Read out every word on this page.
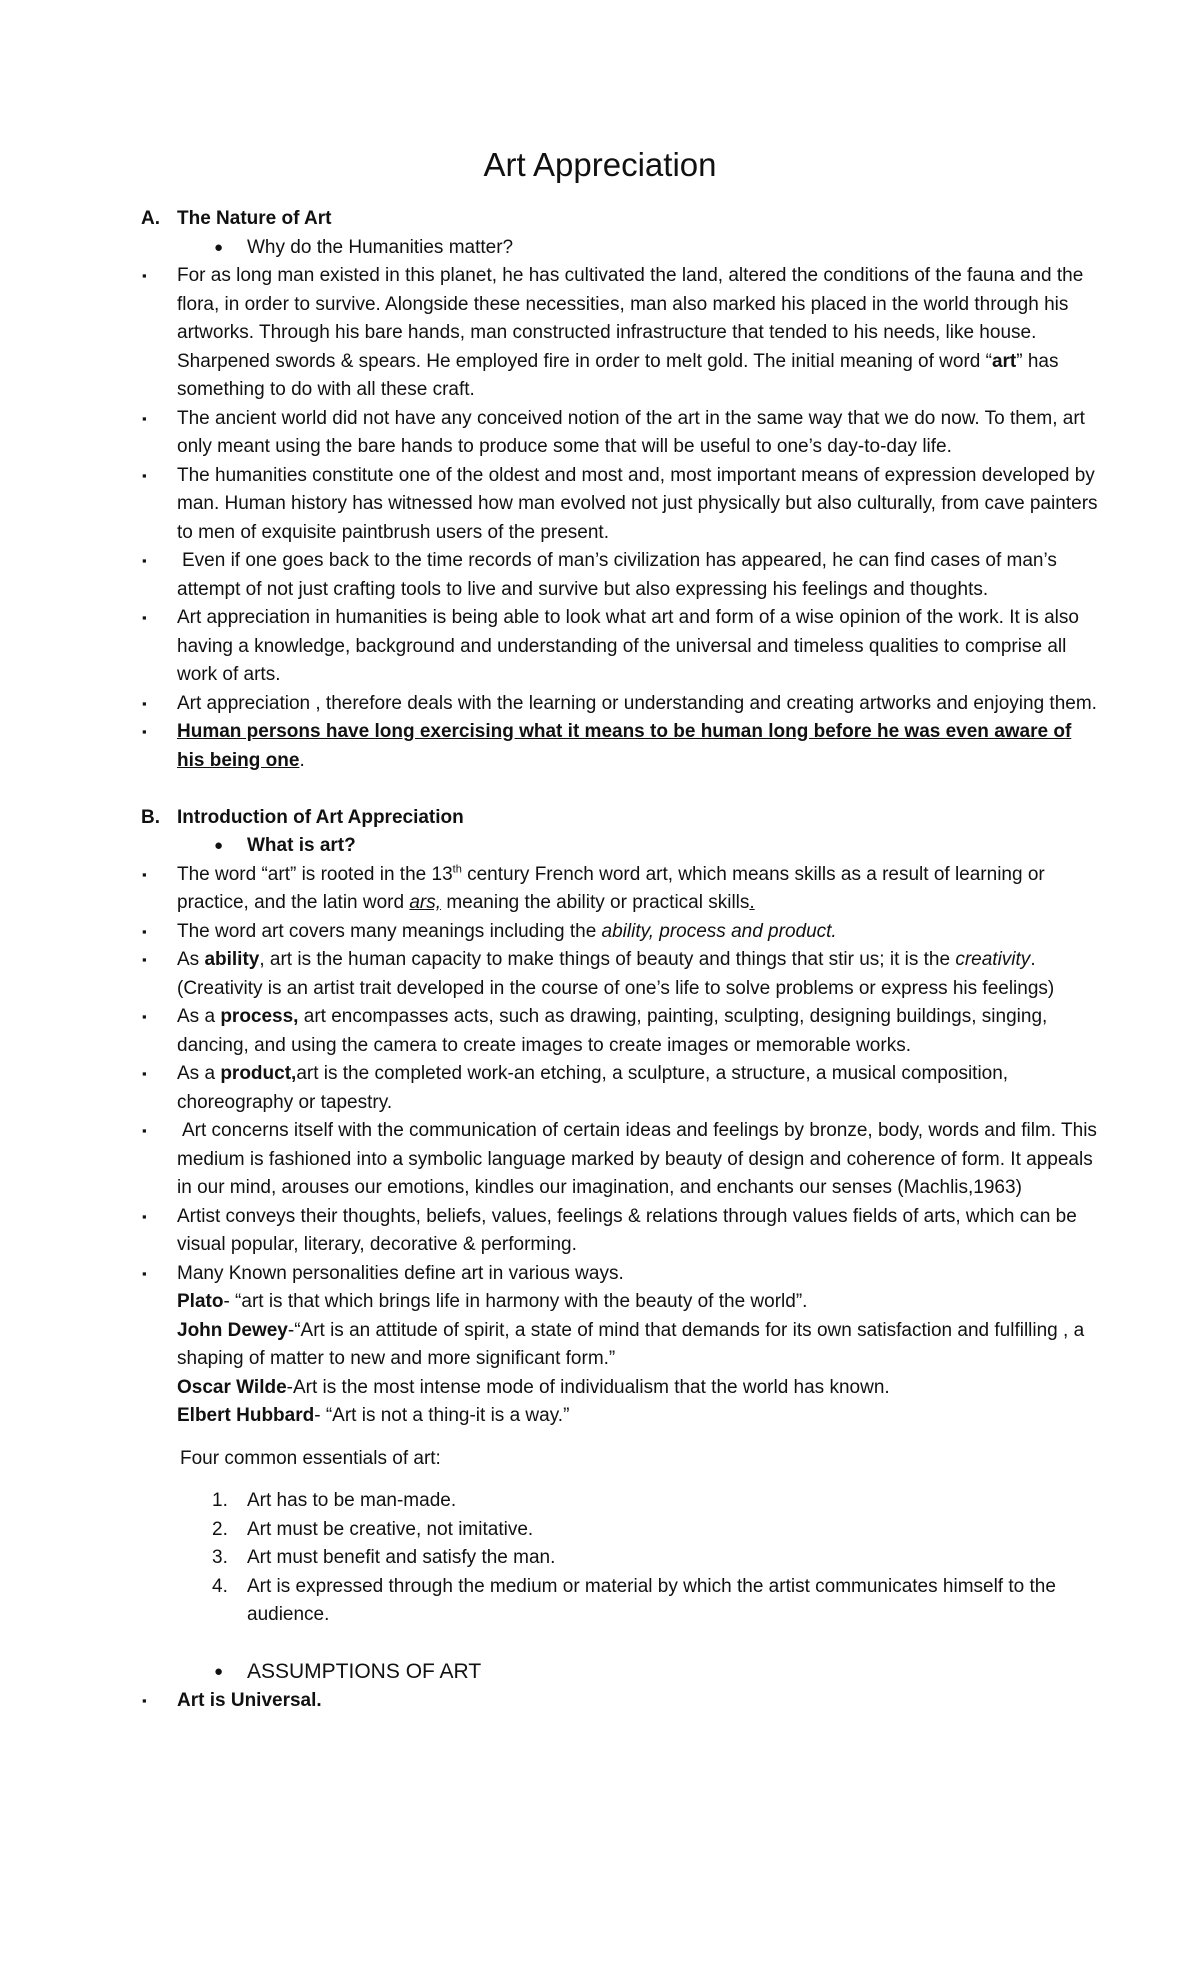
Art Appreciation
A. The Nature of Art
● Why do the Humanities matter?
▪ For as long man existed in this planet, he has cultivated the land, altered the conditions of the fauna and the flora, in order to survive. Alongside these necessities, man also marked his placed in the world through his artworks. Through his bare hands, man constructed infrastructure that tended to his needs, like house. Sharpened swords & spears. He employed fire in order to melt gold. The initial meaning of word “art” has something to do with all these craft.
▪ The ancient world did not have any conceived notion of the art in the same way that we do now. To them, art only meant using the bare hands to produce some that will be useful to one’s day-to-day life.
▪ The humanities constitute one of the oldest and most and, most important means of expression developed by man. Human history has witnessed how man evolved not just physically but also culturally, from cave painters to men of exquisite paintbrush users of the present.
▪ Even if one goes back to the time records of man’s civilization has appeared, he can find cases of man’s attempt of not just crafting tools to live and survive but also expressing his feelings and thoughts.
▪ Art appreciation in humanities is being able to look what art and form of a wise opinion of the work. It is also having a knowledge, background and understanding of the universal and timeless qualities to comprise all work of arts.
▪ Art appreciation , therefore deals with the learning or understanding and creating artworks and enjoying them.
▪ Human persons have long exercising what it means to be human long before he was even aware of his being one.
B. Introduction of Art Appreciation
● What is art?
▪ The word “art” is rooted in the 13th century French word art, which means skills as a result of learning or practice, and the latin word ars, meaning the ability or practical skills.
▪ The word art covers many meanings including the ability, process and product.
▪ As ability, art is the human capacity to make things of beauty and things that stir us; it is the creativity. (Creativity is an artist trait developed in the course of one’s life to solve problems or express his feelings)
▪ As a process, art encompasses acts, such as drawing, painting, sculpting, designing buildings, singing, dancing, and using the camera to create images to create images or memorable works.
▪ As a product,art is the completed work-an etching, a sculpture, a structure, a musical composition, choreography or tapestry.
▪ Art concerns itself with the communication of certain ideas and feelings by bronze, body, words and film. This medium is fashioned into a symbolic language marked by beauty of design and coherence of form. It appeals in our mind, arouses our emotions, kindles our imagination, and enchants our senses (Machlis,1963)
▪ Artist conveys their thoughts, beliefs, values, feelings & relations through values fields of arts, which can be visual popular, literary, decorative & performing.
▪ Many Known personalities define art in various ways.
Plato- “art is that which brings life in harmony with the beauty of the world”.
John Dewey-“Art is an attitude of spirit, a state of mind that demands for its own satisfaction and fulfilling , a shaping of matter to new and more significant form.”
Oscar Wilde-Art is the most intense mode of individualism that the world has known.
Elbert Hubbard- “Art is not a thing-it is a way.”
Four common essentials of art:
1. Art has to be man-made.
2. Art must be creative, not imitative.
3. Art must benefit and satisfy the man.
4. Art is expressed through the medium or material by which the artist communicates himself to the audience.
● ASSUMPTIONS OF ART
▪ Art is Universal.
